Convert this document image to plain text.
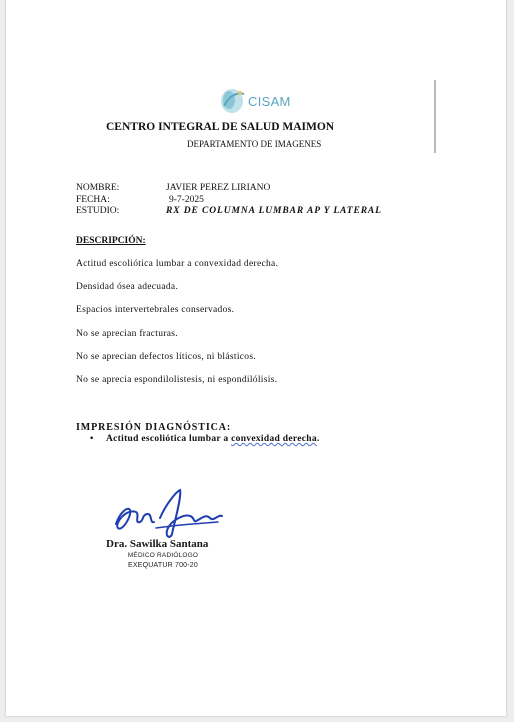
CISAM
CENTRO INTEGRAL DE SALUD MAIMON
DEPARTAMENTO DE IMAGENES
NOMBRE:	JAVIER PEREZ LIRIANO
FECHA:	9-7-2025
ESTUDIO:	RX DE COLUMNA LUMBAR AP Y LATERAL
DESCRIPCIÓN:
Actitud escoliótica lumbar a convexidad derecha.
Densidad ósea adecuada.
Espacios intervertebrales conservados.
No se aprecian fracturas.
No se aprecian defectos líticos, ni blásticos.
No se aprecia espondilolistesis, ni espondilólisis.
IMPRESIÓN DIAGNÓSTICA:
• Actitud escoliótica lumbar a convexidad derecha.
Dra. Sawilka Santana
MÉDICO RADIÓLOGO
EXEQUATUR 700-20
